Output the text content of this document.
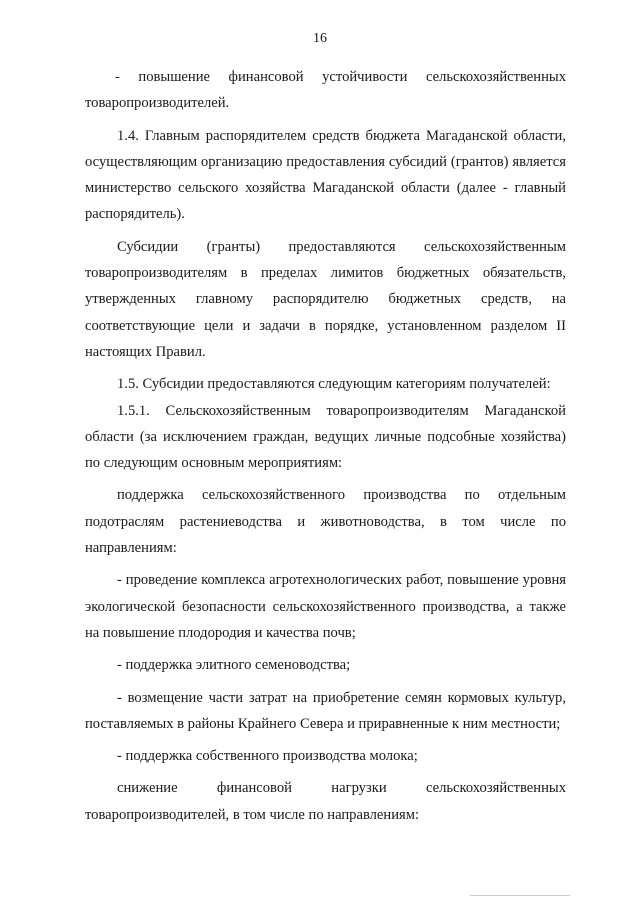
16

- повышение финансовой устойчивости сельскохозяйственных товаропроизводителей.

1.4. Главным распорядителем средств бюджета Магаданской области, осуществляющим организацию предоставления субсидий (грантов) является министерство сельского хозяйства Магаданской области (далее - главный распорядитель).

Субсидии (гранты) предоставляются сельскохозяйственным товаропроизводителям в пределах лимитов бюджетных обязательств, утвержденных главному распорядителю бюджетных средств, на соответствующие цели и задачи в порядке, установленном разделом II настоящих Правил.

1.5. Субсидии предоставляются следующим категориям получателей:

1.5.1. Сельскохозяйственным товаропроизводителям Магаданской области (за исключением граждан, ведущих личные подсобные хозяйства) по следующим основным мероприятиям:

поддержка сельскохозяйственного производства по отдельным подотраслям растениеводства и животноводства, в том числе по направлениям:

- проведение комплекса агротехнологических работ, повышение уровня экологической безопасности сельскохозяйственного производства, а также на повышение плодородия и качества почв;

- поддержка элитного семеноводства;

- возмещение части затрат на приобретение семян кормовых культур, поставляемых в районы Крайнего Севера и приравненные к ним местности;

- поддержка собственного производства молока;

снижение финансовой нагрузки сельскохозяйственных товаропроизводителей, в том числе по направлениям:
